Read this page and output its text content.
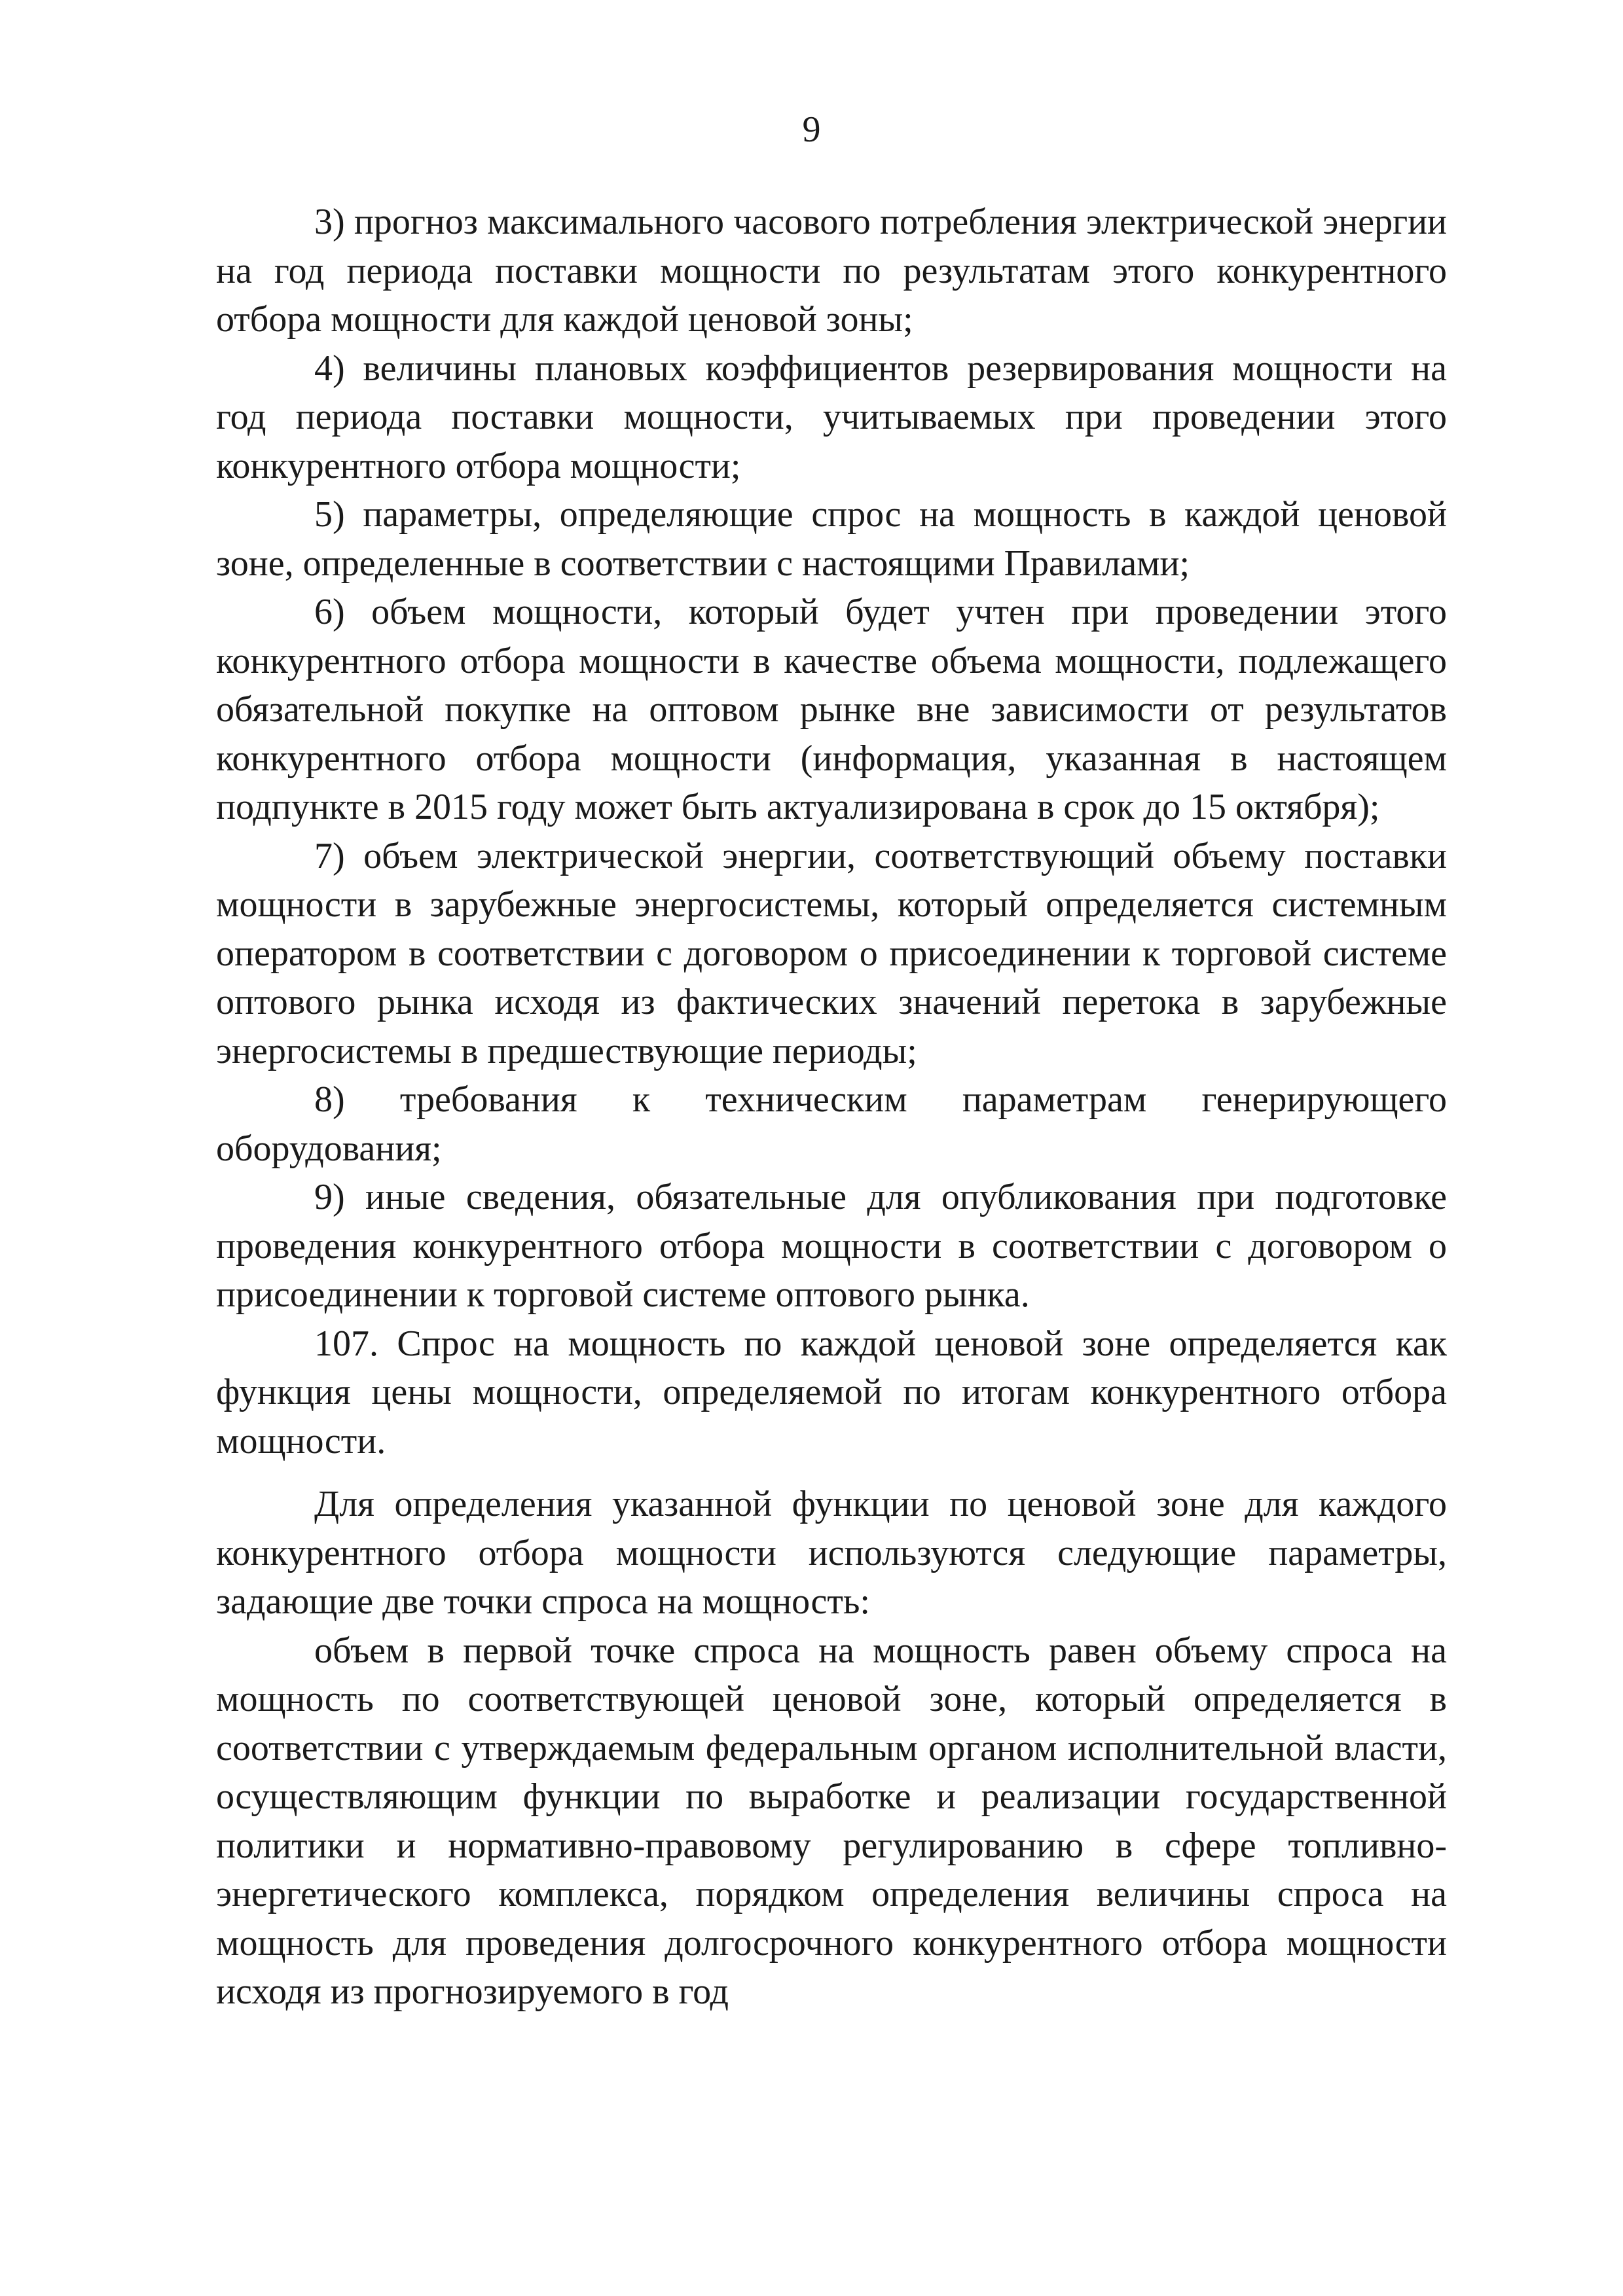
9

3) прогноз максимального часового потребления электрической энергии на год периода поставки мощности по результатам этого конкурентного отбора мощности для каждой ценовой зоны;

4) величины плановых коэффициентов резервирования мощности на год периода поставки мощности, учитываемых при проведении этого конкурентного отбора мощности;

5) параметры, определяющие спрос на мощность в каждой ценовой зоне, определенные в соответствии с настоящими Правилами;

6) объем мощности, который будет учтен при проведении этого конкурентного отбора мощности в качестве объема мощности, подлежащего обязательной покупке на оптовом рынке вне зависимости от результатов конкурентного отбора мощности (информация, указанная в настоящем подпункте в 2015 году может быть актуализирована в срок до 15 октября);

7) объем электрической энергии, соответствующий объему поставки мощности в зарубежные энергосистемы, который определяется системным оператором в соответствии с договором о присоединении к торговой системе оптового рынка исходя из фактических значений перетока в зарубежные энергосистемы в предшествующие периоды;

8) требования к техническим параметрам генерирующего оборудования;

9) иные сведения, обязательные для опубликования при подготовке проведения конкурентного отбора мощности в соответствии с договором о присоединении к торговой системе оптового рынка.

107. Спрос на мощность по каждой ценовой зоне определяется как функция цены мощности, определяемой по итогам конкурентного отбора мощности.

Для определения указанной функции по ценовой зоне для каждого конкурентного отбора мощности используются следующие параметры, задающие две точки спроса на мощность:

объем в первой точке спроса на мощность равен объему спроса на мощность по соответствующей ценовой зоне, который определяется в соответствии с утверждаемым федеральным органом исполнительной власти, осуществляющим функции по выработке и реализации государственной политики и нормативно-правовому регулированию в сфере топливно-энергетического комплекса, порядком определения величины спроса на мощность для проведения долгосрочного конкурентного отбора мощности исходя из прогнозируемого в год
